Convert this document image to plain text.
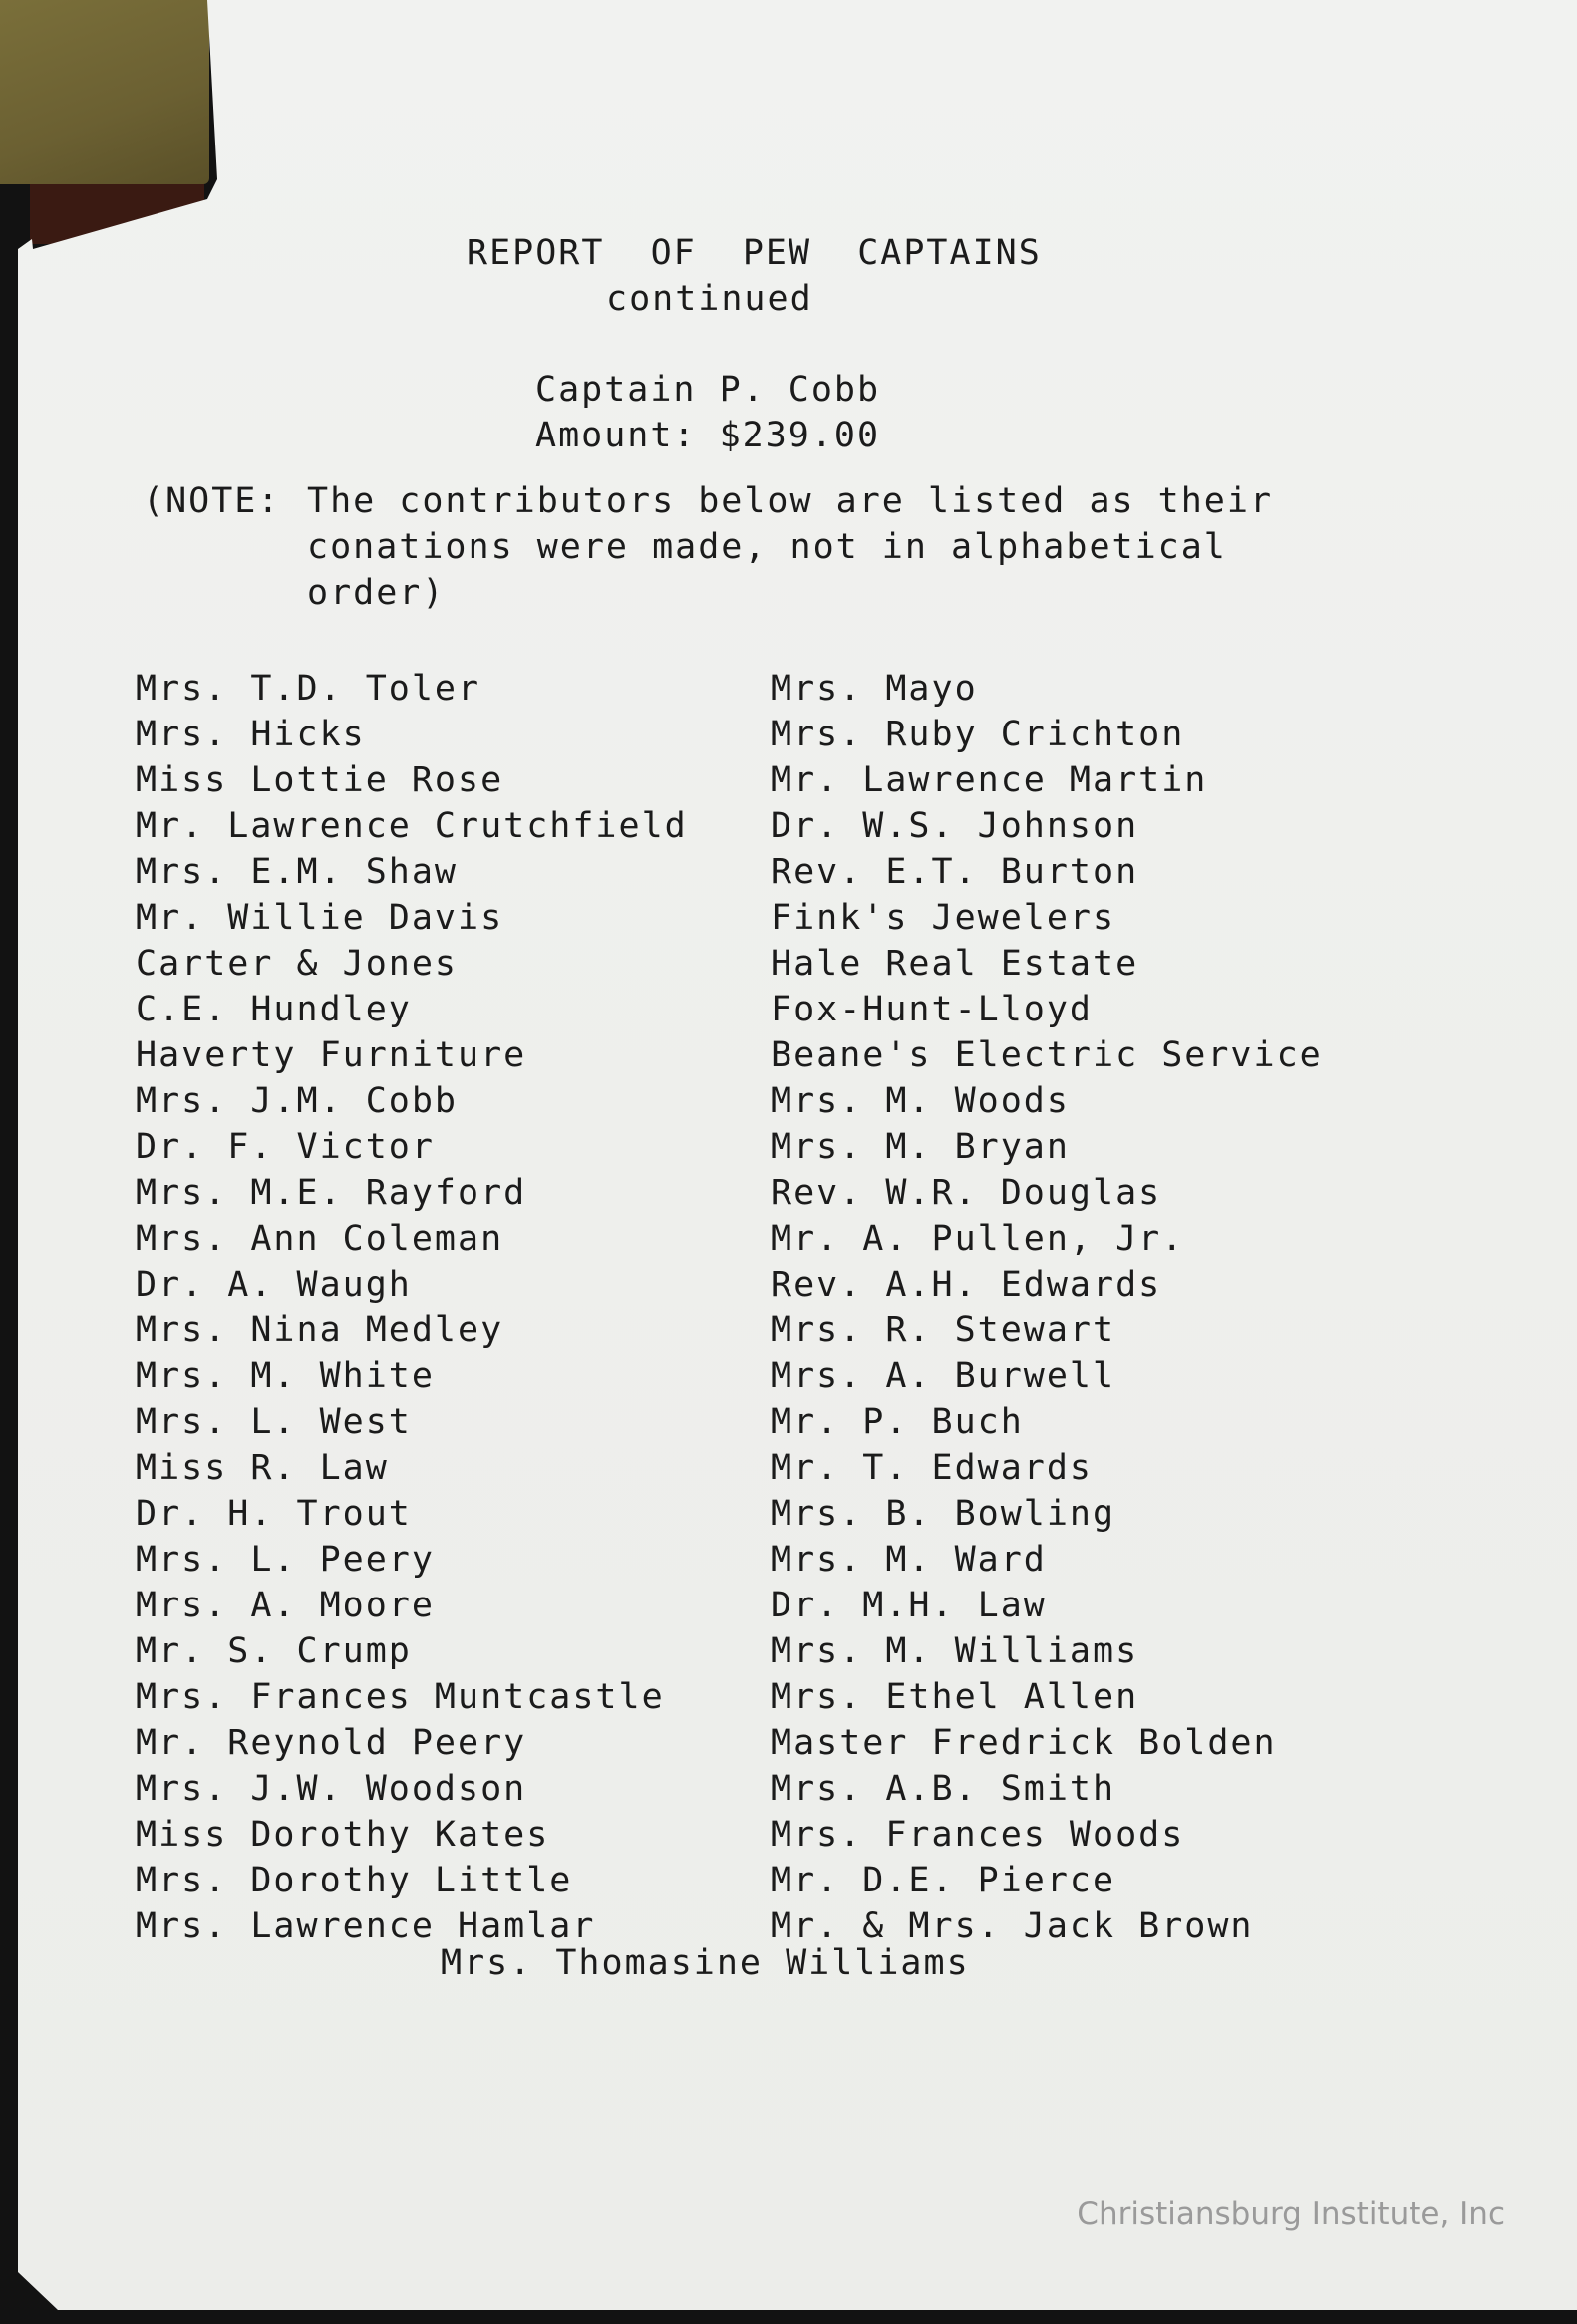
REPORT  OF  PEW  CAPTAINS
continued
Captain P. Cobb
Amount: $239.00
(NOTE: The contributors below are listed as their conations were made, not in alphabetical order)
Mrs. T.D. Toler
Mrs. Hicks
Miss Lottie Rose
Mr. Lawrence Crutchfield
Mrs. E.M. Shaw
Mr. Willie Davis
Carter & Jones
C.E. Hundley
Haverty Furniture
Mrs. J.M. Cobb
Dr. F. Victor
Mrs. M.E. Rayford
Mrs. Ann Coleman
Dr. A. Waugh
Mrs. Nina Medley
Mrs. M. White
Mrs. L. West
Miss R. Law
Dr. H. Trout
Mrs. L. Peery
Mrs. A. Moore
Mr. S. Crump
Mrs. Frances Muntcastle
Mr. Reynold Peery
Mrs. J.W. Woodson
Miss Dorothy Kates
Mrs. Dorothy Little
Mrs. Lawrence Hamlar
Mrs. Mayo
Mrs. Ruby Crichton
Mr. Lawrence Martin
Dr. W.S. Johnson
Rev. E.T. Burton
Fink's Jewelers
Hale Real Estate
Fox-Hunt-Lloyd
Beane's Electric Service
Mrs. M. Woods
Mrs. M. Bryan
Rev. W.R. Douglas
Mr. A. Pullen, Jr.
Rev. A.H. Edwards
Mrs. R. Stewart
Mrs. A. Burwell
Mr. P. Buch
Mr. T. Edwards
Mrs. B. Bowling
Mrs. M. Ward
Dr. M.H. Law
Mrs. M. Williams
Mrs. Ethel Allen
Master Fredrick Bolden
Mrs. A.B. Smith
Mrs. Frances Woods
Mr. D.E. Pierce
Mr. & Mrs. Jack Brown
Mrs. Thomasine Williams
Christiansburg Institute, Inc
